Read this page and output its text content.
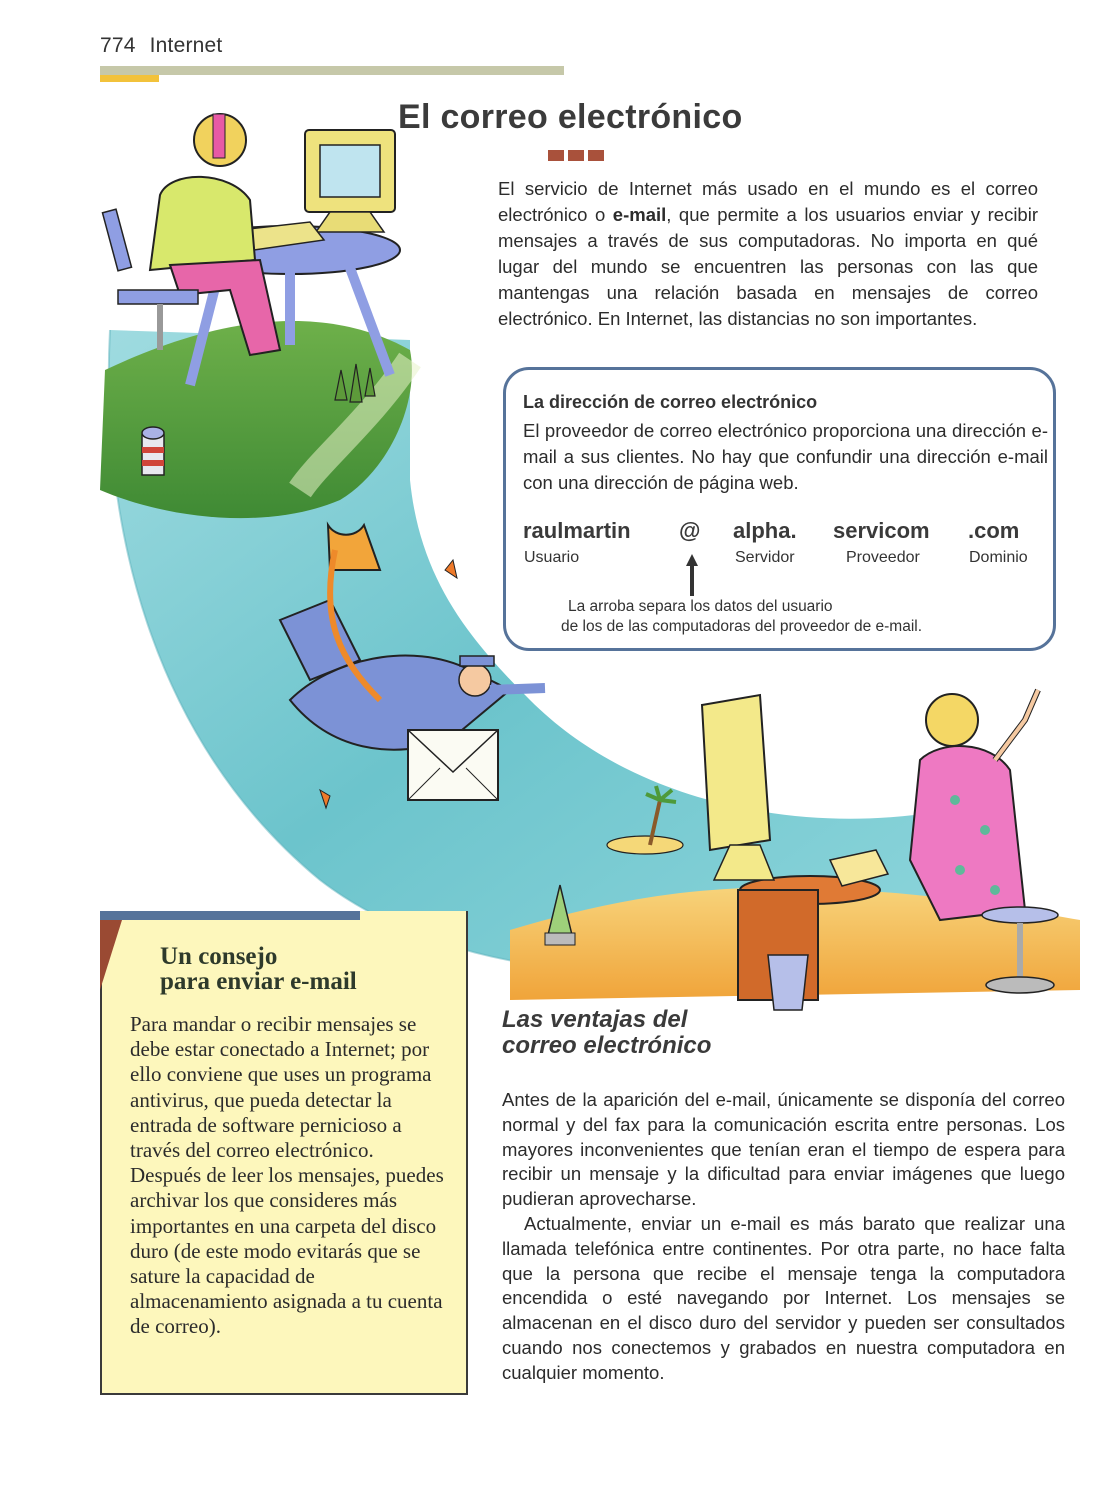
774 Internet
El correo electrónico
El servicio de Internet más usado en el mundo es el correo electrónico o e-mail, que permite a los usuarios enviar y recibir mensajes a través de sus computadoras. No importa en qué lugar del mundo se encuentren las personas con las que mantengas una relación basada en mensajes de correo electrónico. En Internet, las distancias no son importantes.
La dirección de correo electrónico
El proveedor de correo electrónico proporciona una dirección e-mail a sus clientes. No hay que confundir una dirección e-mail con una dirección de página web.
raulmartin @ alpha. servicom .com
Usuario	Servidor	Proveedor	Dominio
La arroba separa los datos del usuario
de los de las computadoras del proveedor de e-mail.
Un consejo
para enviar e-mail
Para mandar o recibir mensajes se debe estar conectado a Internet; por ello conviene que uses un programa antivirus, que pueda detectar la entrada de software pernicioso a través del correo electrónico. Después de leer los mensajes, puedes archivar los que consideres más importantes en una carpeta del disco duro (de este modo evitarás que se sature la capacidad de almacenamiento asignada a tu cuenta de correo).
Las ventajas del
correo electrónico

Antes de la aparición del e-mail, únicamente se disponía del correo normal y del fax para la comunicación escrita entre personas. Los mayores inconvenientes que tenían eran el tiempo de espera para recibir un mensaje y la dificultad para enviar imágenes que luego pudieran aprovecharse.

Actualmente, enviar un e-mail es más barato que realizar una llamada telefónica entre continentes. Por otra parte, no hace falta que la persona que recibe el mensaje tenga la computadora encendida o esté navegando por Internet. Los mensajes se almacenan en el disco duro del servidor y pueden ser consultados cuando nos conectemos y grabados en nuestra computadora en cualquier momento.
